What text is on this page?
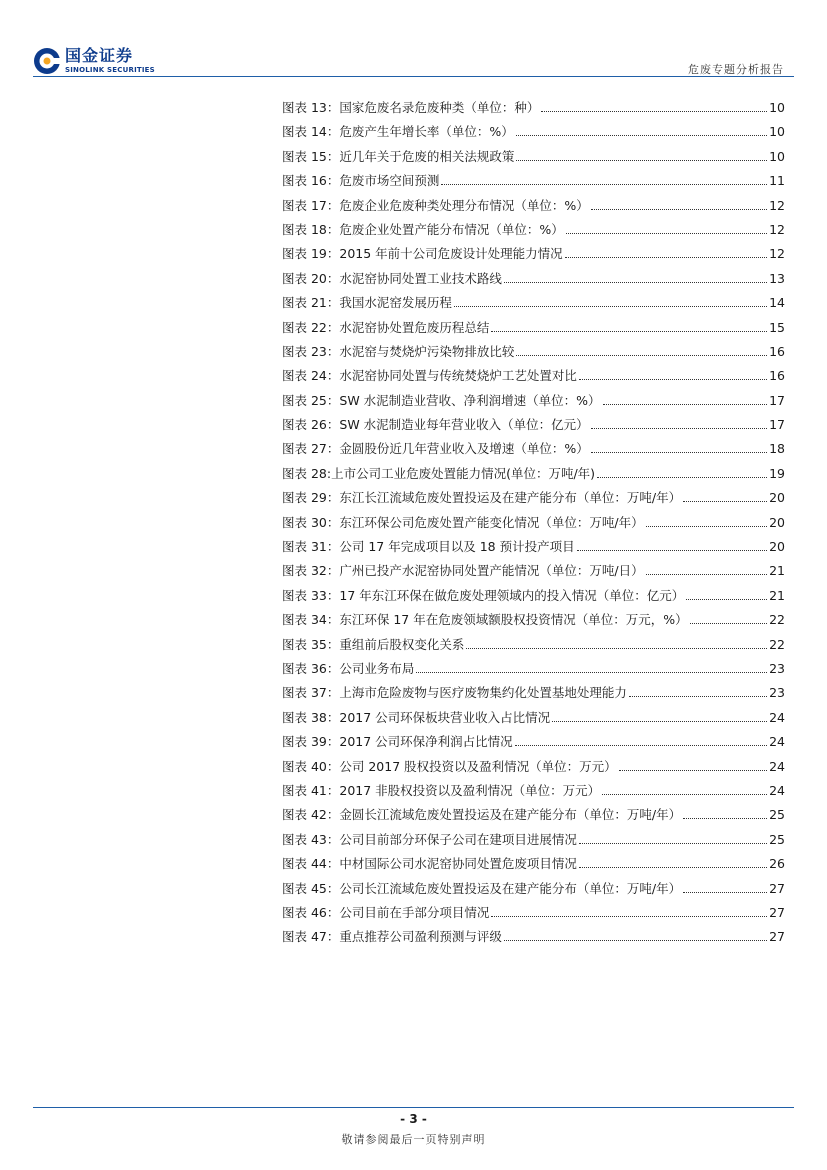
国金证券
SINOLINK SECURITIES	危废专题分析报告
图表 13：国家危废名录危废种类（单位：种）	10
图表 14：危废产生年增长率（单位：%）	10
图表 15：近几年关于危废的相关法规政策	10
图表 16：危废市场空间预测	11
图表 17：危废企业危废种类处理分布情况（单位：%）	12
图表 18：危废企业处置产能分布情况（单位：%）	12
图表 19：2015 年前十公司危废设计处理能力情况	12
图表 20：水泥窑协同处置工业技术路线	13
图表 21：我国水泥窑发展历程	14
图表 22：水泥窑协处置危废历程总结	15
图表 23：水泥窑与焚烧炉污染物排放比较	16
图表 24：水泥窑协同处置与传统焚烧炉工艺处置对比	16
图表 25：SW 水泥制造业营收、净利润增速（单位：%）	17
图表 26：SW 水泥制造业每年营业收入（单位：亿元）	17
图表 27：金圆股份近几年营业收入及增速（单位：%）	18
图表 28:上市公司工业危废处置能力情况(单位：万吨/年)	19
图表 29：东江长江流域危废处置投运及在建产能分布（单位：万吨/年）	20
图表 30：东江环保公司危废处置产能变化情况（单位：万吨/年）	20
图表 31：公司 17 年完成项目以及 18 预计投产项目	20
图表 32：广州已投产水泥窑协同处置产能情况（单位：万吨/日）	21
图表 33：17 年东江环保在做危废处理领域内的投入情况（单位：亿元）	21
图表 34：东江环保 17 年在危废领域额股权投资情况（单位：万元，%）	22
图表 35：重组前后股权变化关系	22
图表 36：公司业务布局	23
图表 37：上海市危险废物与医疗废物集约化处置基地处理能力	23
图表 38：2017 公司环保板块营业收入占比情况	24
图表 39：2017 公司环保净利润占比情况	24
图表 40：公司 2017 股权投资以及盈利情况（单位：万元）	24
图表 41：2017 非股权投资以及盈利情况（单位：万元）	24
图表 42：金圆长江流域危废处置投运及在建产能分布（单位：万吨/年）	25
图表 43：公司目前部分环保子公司在建项目进展情况	25
图表 44：中材国际公司水泥窑协同处置危废项目情况	26
图表 45：公司长江流域危废处置投运及在建产能分布（单位：万吨/年）	27
图表 46：公司目前在手部分项目情况	27
图表 47：重点推荐公司盈利预测与评级	27
- 3 -
敬请参阅最后一页特别声明
